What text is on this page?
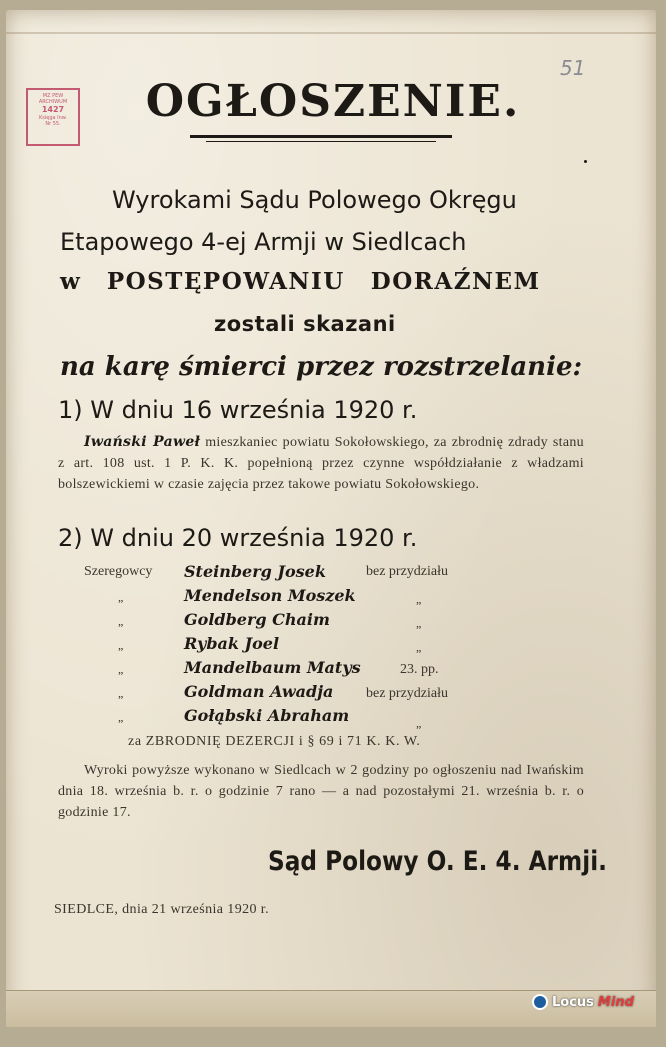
MZ PEW
ARCHIWUM
1427
Księga Inw.
Nr 55.
51
OGŁOSZENIE.
Wyrokami Sądu Polowego Okręgu
Etapowego 4-ej Armji w Siedlcach
w POSTĘPOWANIU DORAŹNEM
zostali skazani
na karę śmierci przez rozstrzelanie:
1) W dniu 16 września 1920 r.
Iwański Paweł mieszkaniec powiatu Sokołowskiego, za zbrodnię zdrady stanu z art. 108 ust. 1 P. K. K. popełnioną przez czynne współdziałanie z władzami bolszewickiemi w czasie zajęcia przez takowe powiatu Sokołowskiego.
2) W dniu 20 września 1920 r.
Szeregowcy Steinberg Josek	bez przydziału
„	Mendelson Moszek	„
„	Goldberg Chaim	„
„	Rybak Joel	„
„	Mandelbaum Matys	23. pp.
„	Goldman Awadja bez przydziału
„	Gołąbski Abraham	„
za ZBRODNIĘ DEZERCJI i § 69 i 71 K. K. W.
Wyroki powyższe wykonano w Siedlcach w 2 godziny po ogłoszeniu nad Iwańskim dnia 18. września b. r. o godzinie 7 rano — a nad pozostałymi 21. września b. r. o godzinie 17.
Sąd Polowy O. E. 4. Armji.
SIEDLCE, dnia 21 września 1920 r.
Locus Mind
